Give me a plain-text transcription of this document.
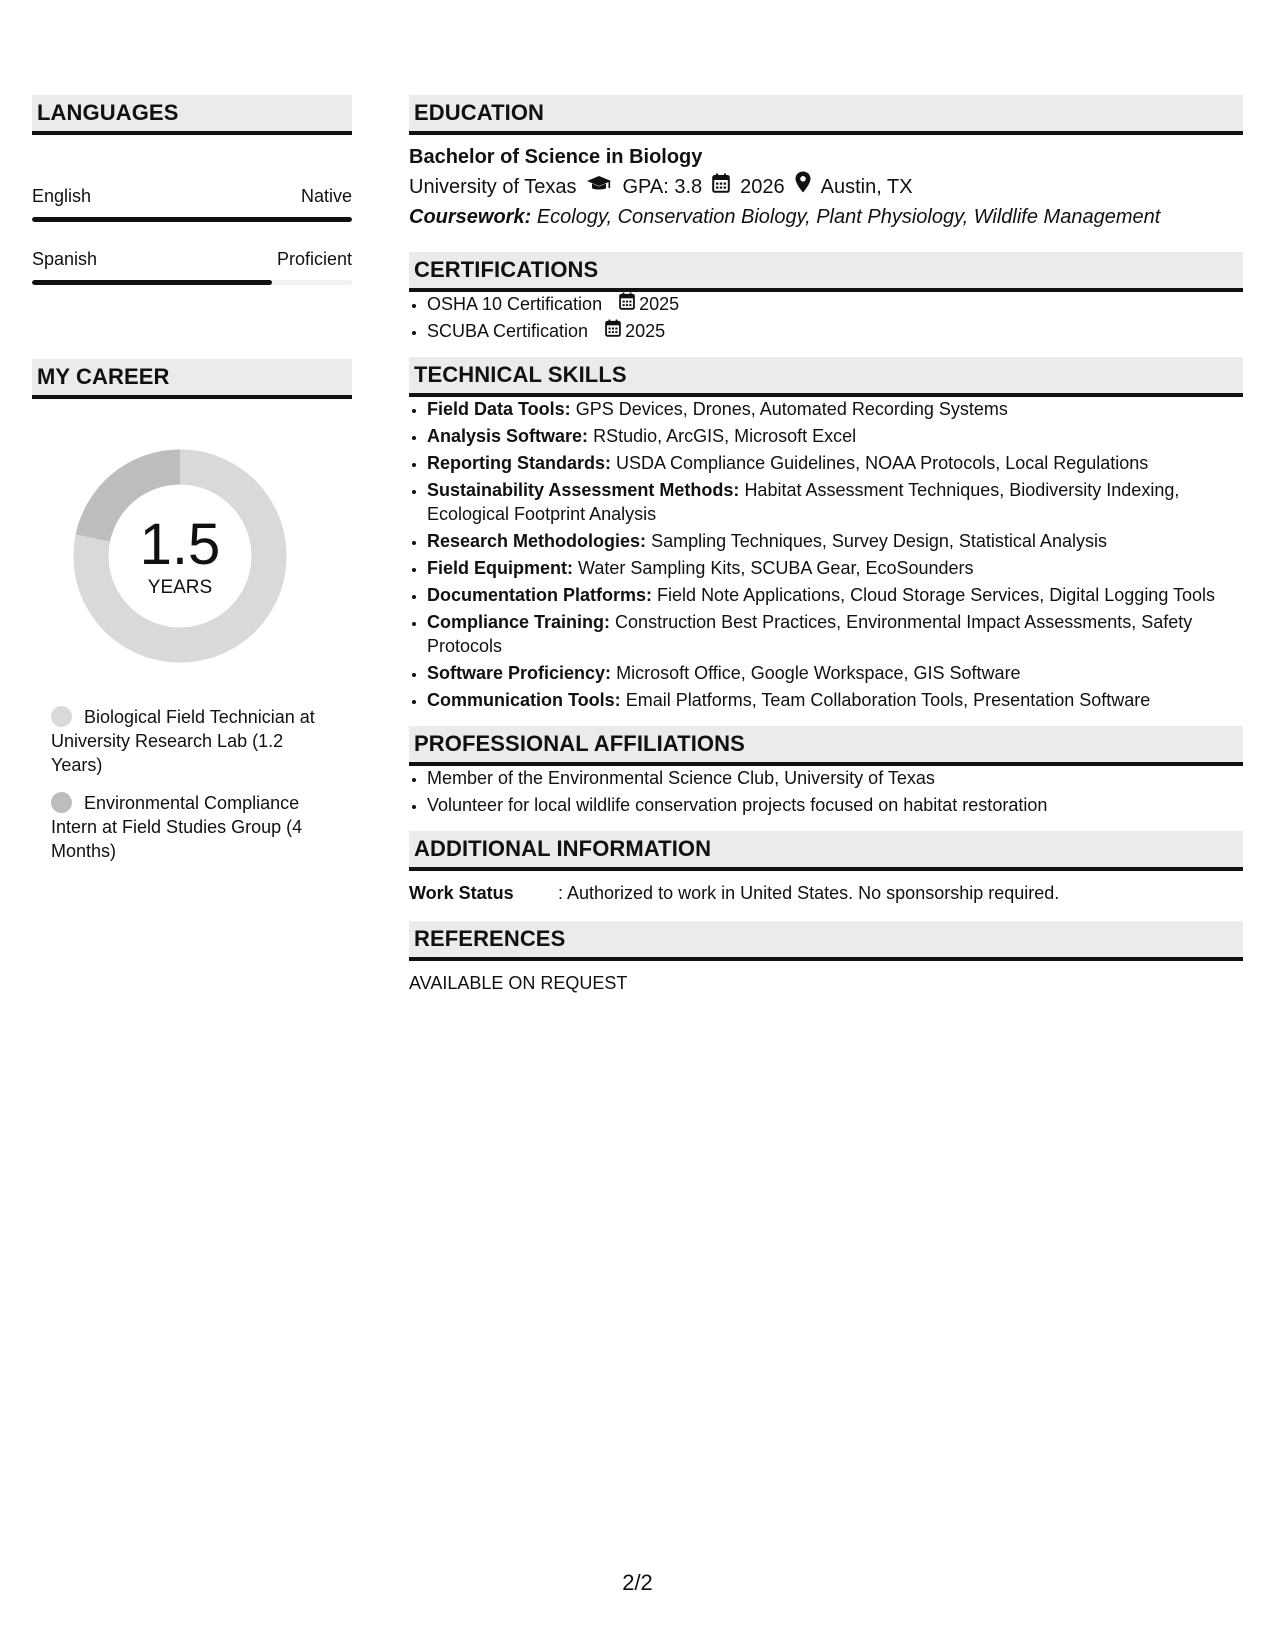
LANGUAGES
English	Native
Spanish	Proficient
MY CAREER
1.5
YEARS
Biological Field Technician at University Research Lab (1.2 Years)
Environmental Compliance Intern at Field Studies Group (4 Months)
EDUCATION
Bachelor of Science in Biology
University of Texas GPA: 3.8 2026 Austin, TX
Coursework: Ecology, Conservation Biology, Plant Physiology, Wildlife Management
CERTIFICATIONS
• OSHA 10 Certification 2025
• SCUBA Certification 2025
TECHNICAL SKILLS
• Field Data Tools: GPS Devices, Drones, Automated Recording Systems
• Analysis Software: RStudio, ArcGIS, Microsoft Excel
• Reporting Standards: USDA Compliance Guidelines, NOAA Protocols, Local Regulations
• Sustainability Assessment Methods: Habitat Assessment Techniques, Biodiversity Indexing, Ecological Footprint Analysis
• Research Methodologies: Sampling Techniques, Survey Design, Statistical Analysis
• Field Equipment: Water Sampling Kits, SCUBA Gear, EcoSounders
• Documentation Platforms: Field Note Applications, Cloud Storage Services, Digital Logging Tools
• Compliance Training: Construction Best Practices, Environmental Impact Assessments, Safety Protocols
• Software Proficiency: Microsoft Office, Google Workspace, GIS Software
• Communication Tools: Email Platforms, Team Collaboration Tools, Presentation Software
PROFESSIONAL AFFILIATIONS
• Member of the Environmental Science Club, University of Texas
• Volunteer for local wildlife conservation projects focused on habitat restoration
ADDITIONAL INFORMATION
Work Status	: Authorized to work in United States. No sponsorship required.
REFERENCES
AVAILABLE ON REQUEST
2/2
